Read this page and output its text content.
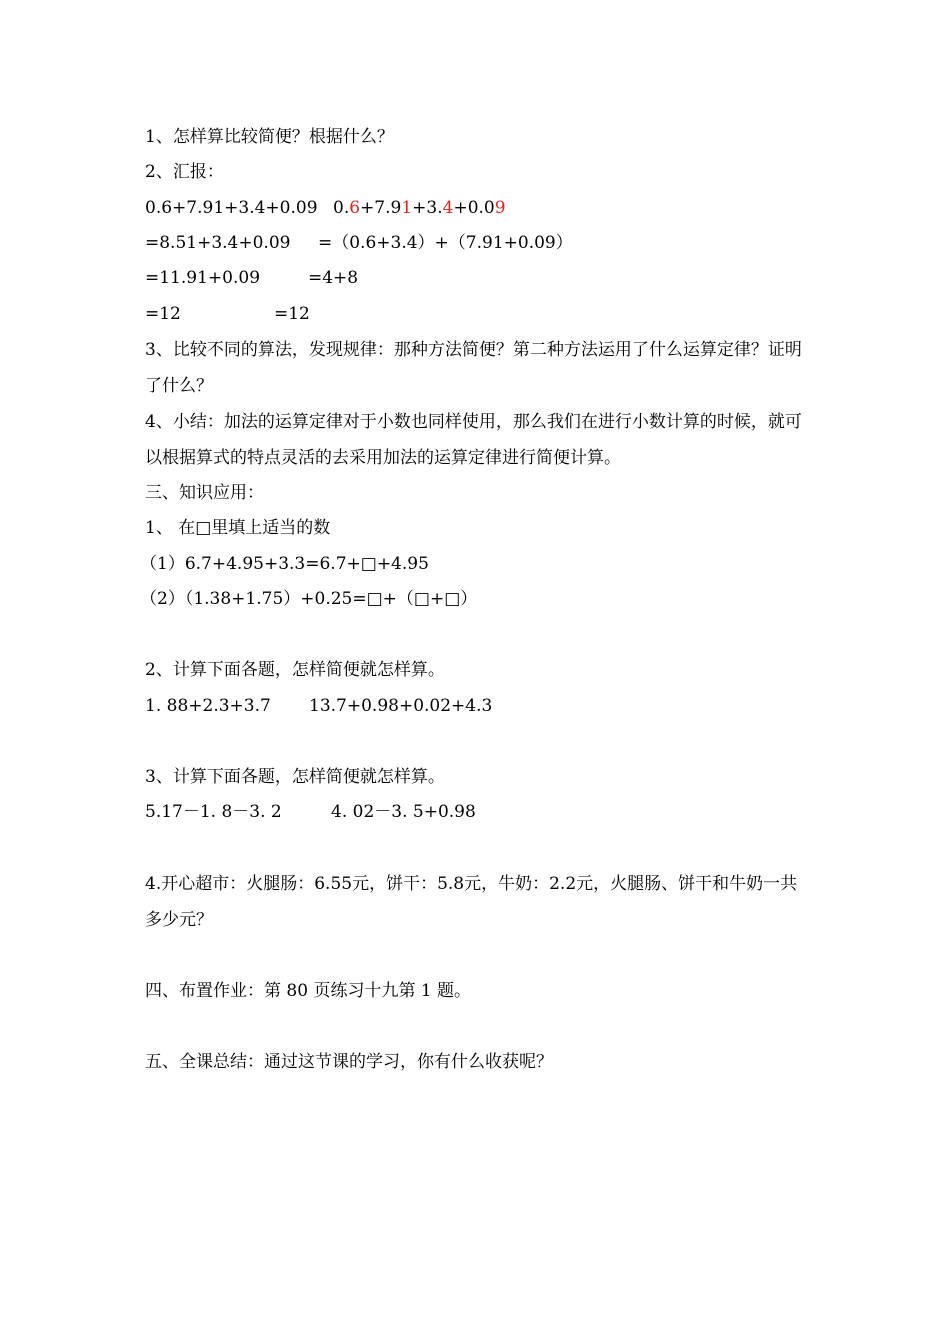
1、怎样算比较简便？根据什么？
2、汇报：
0.6+7.91+3.4+0.09 0.6+7.91+3.4+0.09
=8.51+3.4+0.09 =（0.6+3.4）+（7.91+0.09）
=11.91+0.09	=4+8
=12	=12
3、比较不同的算法，发现规律：那种方法简便？第二种方法运用了什么运算定律？证明了什么？
4、小结：加法的运算定律对于小数也同样使用，那么我们在进行小数计算的时候，就可以根据算式的特点灵活的去采用加法的运算定律进行简便计算。
三、知识应用：
1、 在□里填上适当的数
（1）6.7+4.95+3.3=6.7+□+4.95
（2）（1.38+1.75）+0.25=□+（□+□）
2、计算下面各题，怎样简便就怎样算。
1. 88+2.3+3.7 13.7+0.98+0.02+4.3
3、计算下面各题，怎样简便就怎样算。
5.17－1. 8－3. 2	4. 02－3. 5+0.98
4.开心超市：火腿肠：6.55元，饼干：5.8元，牛奶：2.2元，火腿肠、饼干和牛奶一共多少元？
四、布置作业：第 80 页练习十九第 1 题。
五、全课总结：通过这节课的学习，你有什么收获呢？
